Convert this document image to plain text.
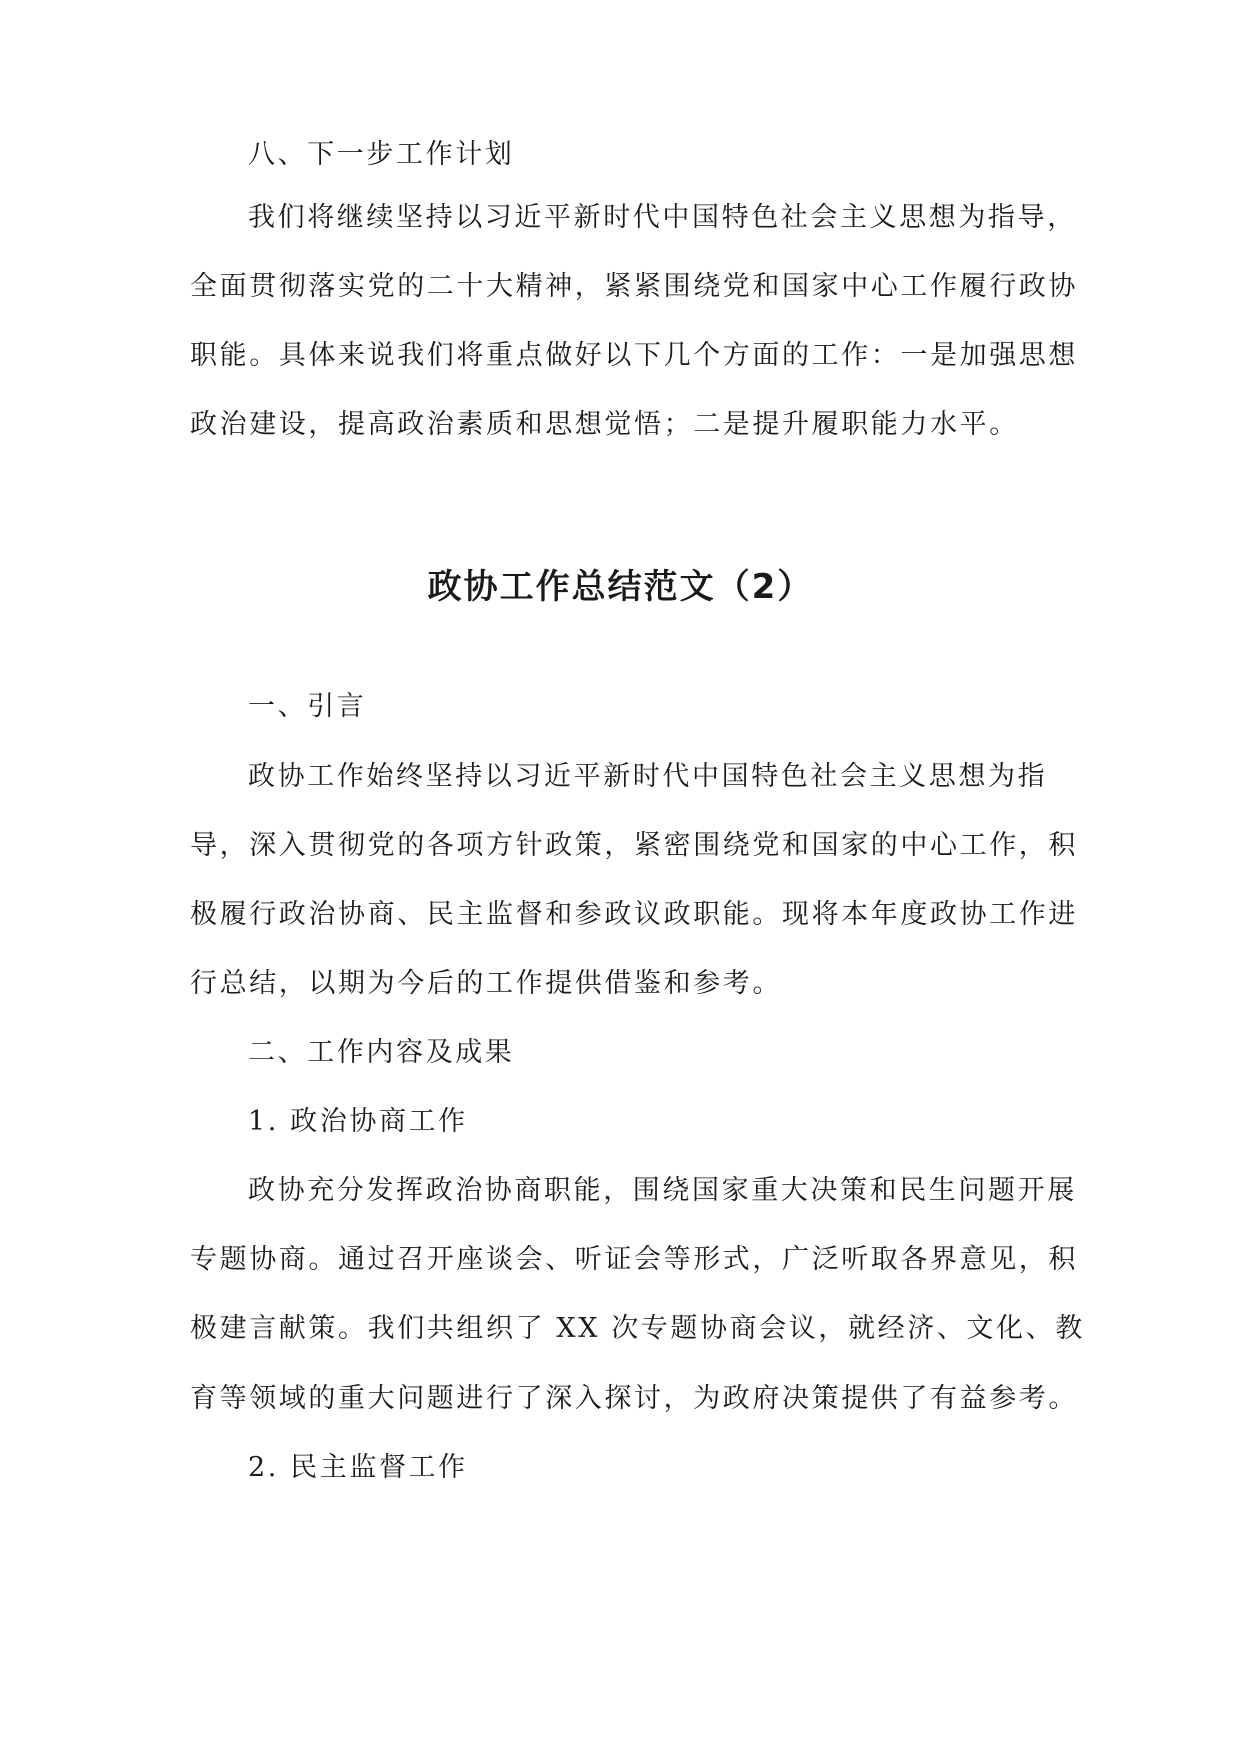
八、下一步工作计划
我们将继续坚持以习近平新时代中国特色社会主义思想为指导，
全面贯彻落实党的二十大精神，紧紧围绕党和国家中心工作履行政协
职能。具体来说我们将重点做好以下几个方面的工作：一是加强思想
政治建设，提高政治素质和思想觉悟；二是提升履职能力水平。
政协工作总结范文（2）
一、引言
政协工作始终坚持以习近平新时代中国特色社会主义思想为指
导，深入贯彻党的各项方针政策，紧密围绕党和国家的中心工作，积
极履行政治协商、民主监督和参政议政职能。现将本年度政协工作进
行总结，以期为今后的工作提供借鉴和参考。
二、工作内容及成果
1. 政治协商工作
政协充分发挥政治协商职能，围绕国家重大决策和民生问题开展
专题协商。通过召开座谈会、听证会等形式，广泛听取各界意见，积
极建言献策。我们共组织了 XX 次专题协商会议，就经济、文化、教
育等领域的重大问题进行了深入探讨，为政府决策提供了有益参考。
2. 民主监督工作
